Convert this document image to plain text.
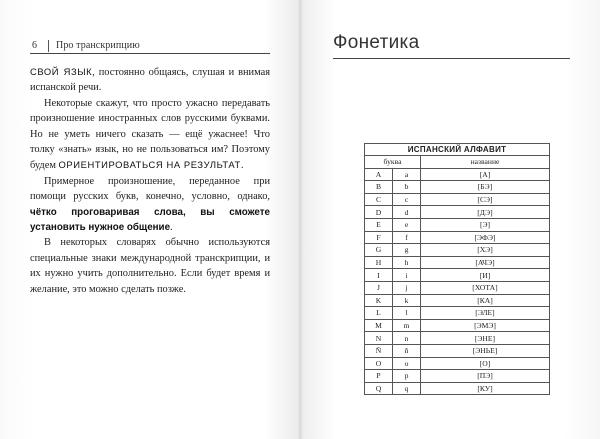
6 Про транскрипцию

СВОЙ ЯЗЫК, постоянно общаясь, слушая и внимая испанской речи.

Некоторые скажут, что просто ужасно передавать произношение иностранных слов русскими буквами. Но не уметь ничего сказать — ещё ужаснее! Что толку «знать» язык, но не пользоваться им? Поэтому будем ОРИЕНТИРОВАТЬСЯ НА РЕЗУЛЬТАТ.

Примерное произношение, переданное при помощи русских букв, конечно, условно, однако, чётко проговаривая слова, вы сможете установить нужное общение.

В некоторых словарях обычно используются специальные знаки международной транскрипции, и их нужно учить дополнительно. Если будет время и желание, это можно сделать позже.

Фонетика
ИСПАНСКИЙ АЛФАВИТ		
буква		название
A	a	[А]
B	b	[БЭ]
C	c	[СЭ]
D	d	[ДЭ]
E	e	[Э]
F	f	[ЭФЭ]
G	g	[ХЭ]
H	h	[АЧЭ]
I	i	[И]
J	j	[ХОТА]
K	k	[КА]
L	l	[ЭЛЕ]
M	m	[ЭМЭ]
N	n	[ЭНЕ]
Ñ	ñ	[ЭНЬЕ]
O	o	[О]
P	p	[ПЭ]
Q	q	[КУ]
